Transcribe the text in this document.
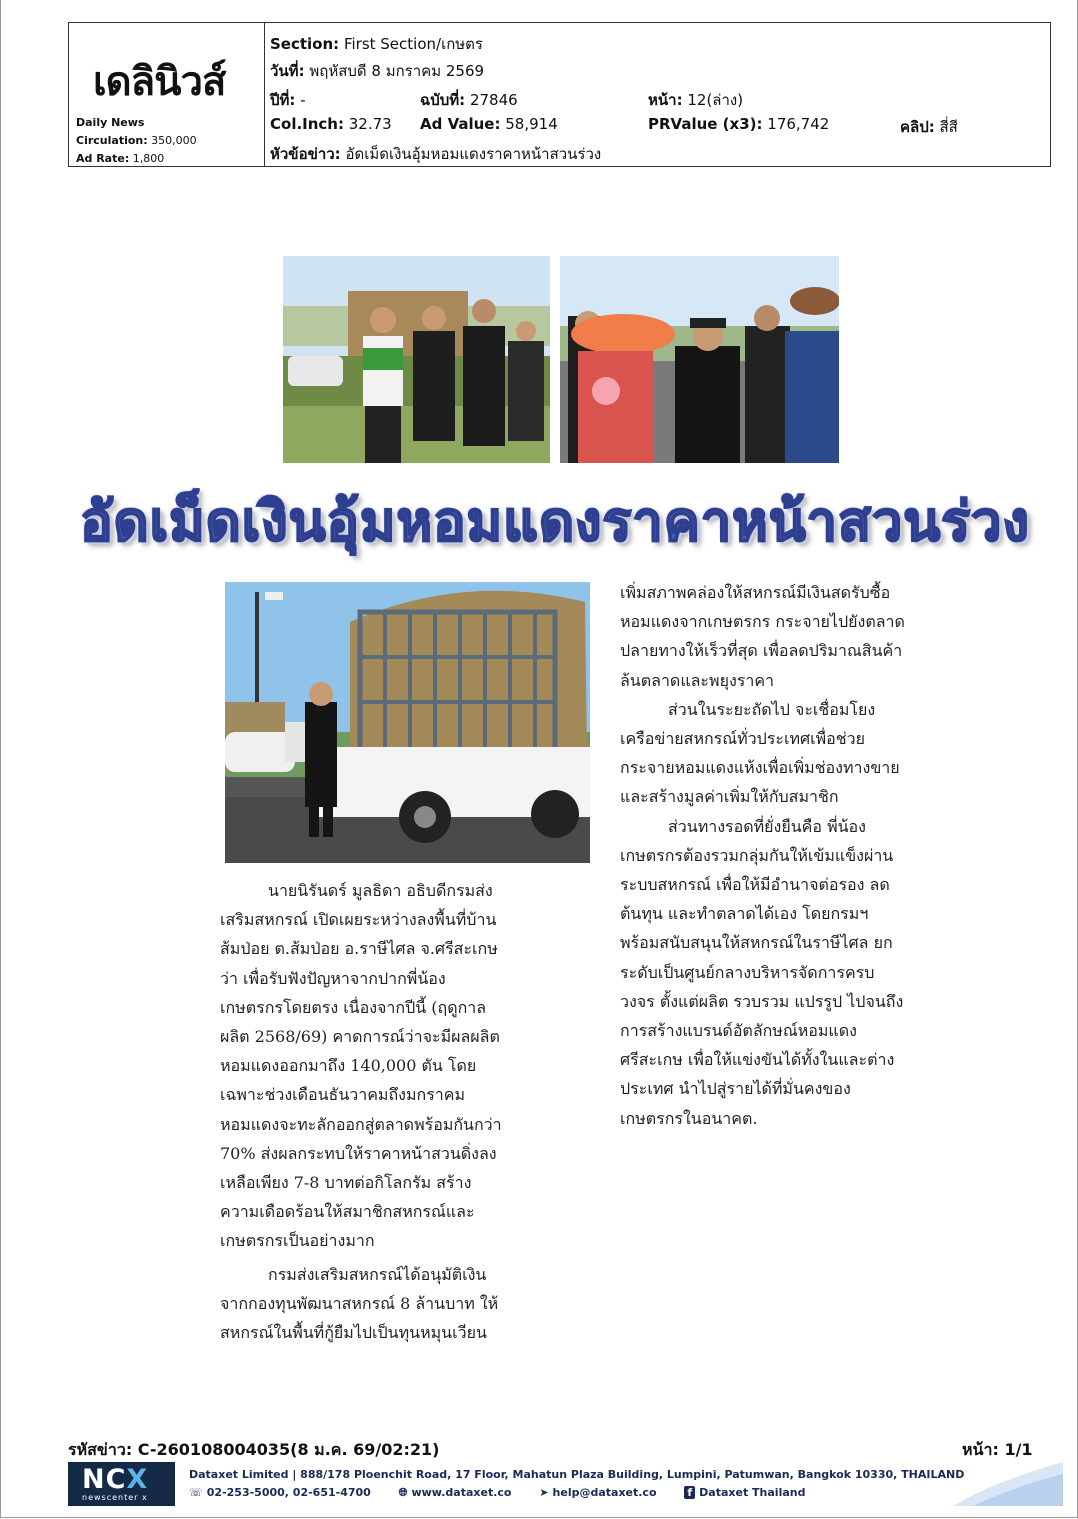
เดลินิวส์
Daily News
Circulation: 350,000
Ad Rate: 1,800
Section: First Section/เกษตร
วันที่: พฤหัสบดี 8 มกราคม 2569
ปีที่: -	ฉบับที่: 27846	หน้า: 12(ล่าง)
Col.Inch: 32.73 Ad Value: 58,914	PRValue (x3): 176,742	คลิป: สี่สี
หัวข้อข่าว: อัดเม็ดเงินอุ้มหอมแดงราคาหน้าสวนร่วง
อัดเม็ดเงินอุ้มหอมแดงราคาหน้าสวนร่วง

นายนิรันดร์ มูลธิดา อธิบดีกรมส่งเสริมสหกรณ์ เปิดเผยระหว่างลงพื้นที่บ้านส้มป่อย ต.ส้มป่อย อ.ราษีไศล จ.ศรีสะเกษ ว่า เพื่อรับฟังปัญหาจากปากพี่น้องเกษตรกรโดยตรง เนื่องจากปีนี้ (ฤดูกาลผลิต 2568/69) คาดการณ์ว่าจะมีผลผลิตหอมแดงออกมาถึง 140,000 ตัน โดยเฉพาะช่วงเดือนธันวาคมถึงมกราคม หอมแดงจะทะลักออกสู่ตลาดพร้อมกันกว่า 70% ส่งผลกระทบให้ราคาหน้าสวนดิ่งลงเหลือเพียง 7-8 บาทต่อกิโลกรัม สร้างความเดือดร้อนให้สมาชิกสหกรณ์และเกษตรกรเป็นอย่างมาก

กรมส่งเสริมสหกรณ์ได้อนุมัติเงินจากกองทุนพัฒนาสหกรณ์ 8 ล้านบาท ให้สหกรณ์ในพื้นที่กู้ยืมไปเป็นทุนหมุนเวียน

เพิ่มสภาพคล่องให้สหกรณ์มีเงินสดรับซื้อหอมแดงจากเกษตรกร กระจายไปยังตลาดปลายทางให้เร็วที่สุด เพื่อลดปริมาณสินค้าล้นตลาดและพยุงราคา

ส่วนในระยะถัดไป จะเชื่อมโยงเครือข่ายสหกรณ์ทั่วประเทศเพื่อช่วยกระจายหอมแดงแห้งเพื่อเพิ่มช่องทางขายและสร้างมูลค่าเพิ่มให้กับสมาชิก

ส่วนทางรอดที่ยั่งยืนคือ พี่น้องเกษตรกรต้องรวมกลุ่มกันให้เข้มแข็งผ่านระบบสหกรณ์ เพื่อให้มีอำนาจต่อรอง ลดต้นทุน และทำตลาดได้เอง โดยกรมฯ พร้อมสนับสนุนให้สหกรณ์ในราษีไศล ยกระดับเป็นศูนย์กลางบริหารจัดการครบวงจร ตั้งแต่ผลิต รวบรวม แปรรูป ไปจนถึงการสร้างแบรนด์อัตลักษณ์หอมแดงศรีสะเกษ เพื่อให้แข่งขันได้ทั้งในและต่างประเทศ นำไปสู่รายได้ที่มั่นคงของเกษตรกรในอนาคต.

รหัสข่าว: C-260108004035(8 ม.ค. 69/02:21)	หน้า: 1/1
NCX
newscenter x
Dataxet Limited | 888/178 Ploenchit Road, 17 Floor, Mahatun Plaza Building, Lumpini, Patumwan, Bangkok 10330, THAILAND
☏ 02-253-5000, 02-651-4700	🌐︎ www.dataxet.co	➤ help@dataxet.co	f Dataxet Thailand
